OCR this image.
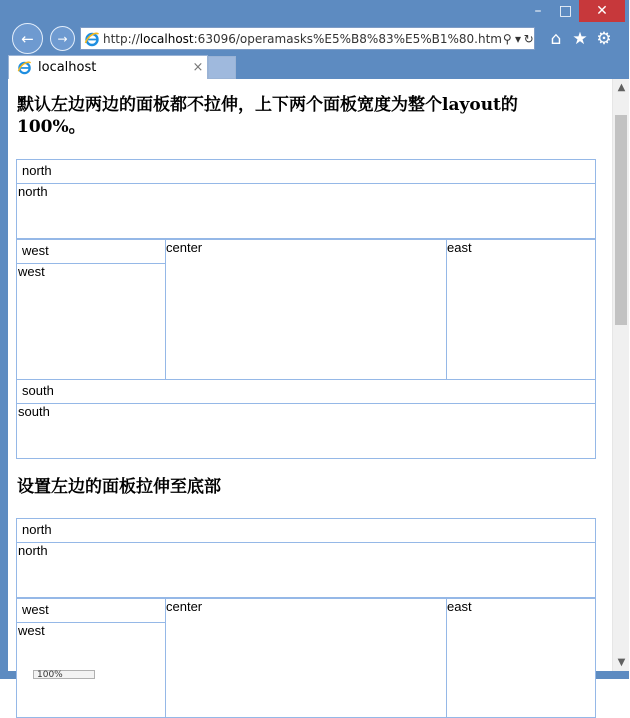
–	□	✕
← →	http://localhost:63096/operamasks%E5%B8%83%E5%B1%80.htm ⚲ ▾ ↻ ⌂ ★ ⚙
localhost	×
默认左边两边的面板都不拉伸，上下两个面板宽度为整个layout的100%。
north
north
west
west
center	east
south
south
设置左边的面板拉伸至底部
north
north
west
west
center	east
▲
▼
100%
